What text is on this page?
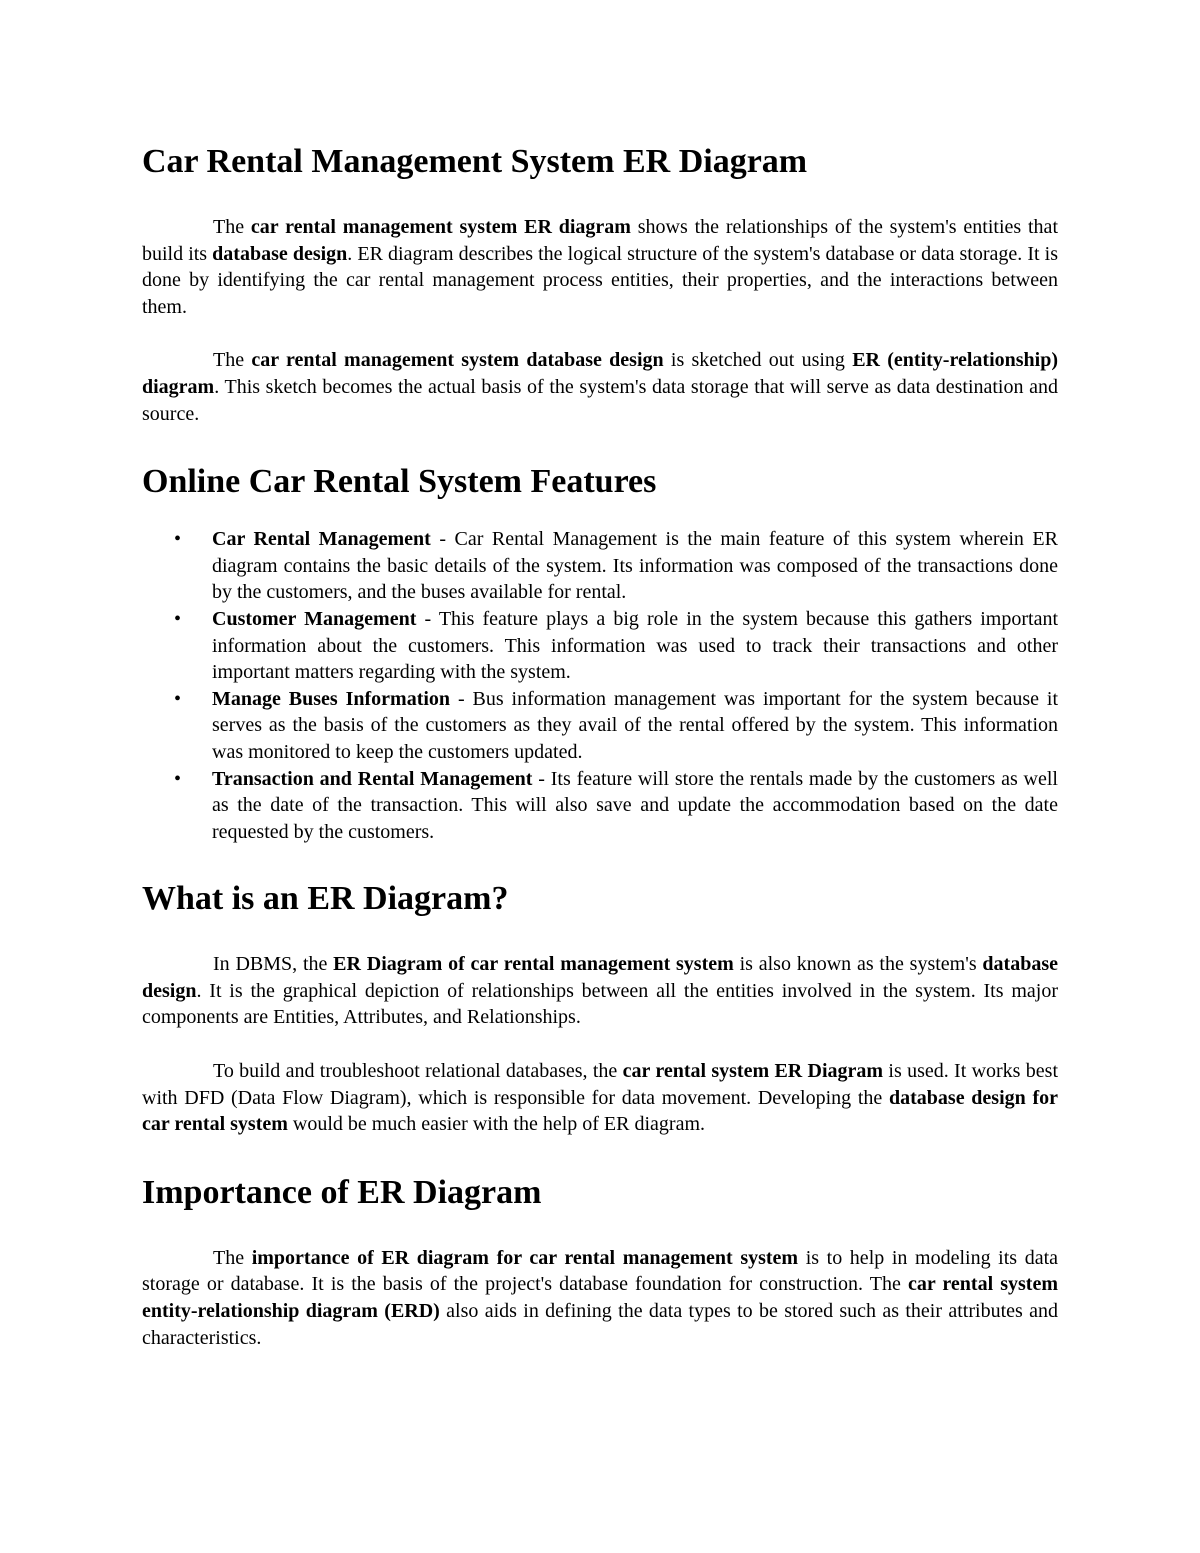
Car Rental Management System ER Diagram

The car rental management system ER diagram shows the relationships of the system's entities that build its database design. ER diagram describes the logical structure of the system's database or data storage. It is done by identifying the car rental management process entities, their properties, and the interactions between them.

The car rental management system database design is sketched out using ER (entity-relationship) diagram. This sketch becomes the actual basis of the system's data storage that will serve as data destination and source.

Online Car Rental System Features
• Car Rental Management - Car Rental Management is the main feature of this system wherein ER diagram contains the basic details of the system. Its information was composed of the transactions done by the customers, and the buses available for rental.
• Customer Management - This feature plays a big role in the system because this gathers important information about the customers. This information was used to track their transactions and other important matters regarding with the system.
• Manage Buses Information - Bus information management was important for the system because it serves as the basis of the customers as they avail of the rental offered by the system. This information was monitored to keep the customers updated.
• Transaction and Rental Management - Its feature will store the rentals made by the customers as well as the date of the transaction. This will also save and update the accommodation based on the date requested by the customers.
What is an ER Diagram?

In DBMS, the ER Diagram of car rental management system is also known as the system's database design. It is the graphical depiction of relationships between all the entities involved in the system. Its major components are Entities, Attributes, and Relationships.

To build and troubleshoot relational databases, the car rental system ER Diagram is used. It works best with DFD (Data Flow Diagram), which is responsible for data movement. Developing the database design for car rental system would be much easier with the help of ER diagram.

Importance of ER Diagram

The importance of ER diagram for car rental management system is to help in modeling its data storage or database. It is the basis of the project's database foundation for construction. The car rental system entity-relationship diagram (ERD) also aids in defining the data types to be stored such as their attributes and characteristics.
